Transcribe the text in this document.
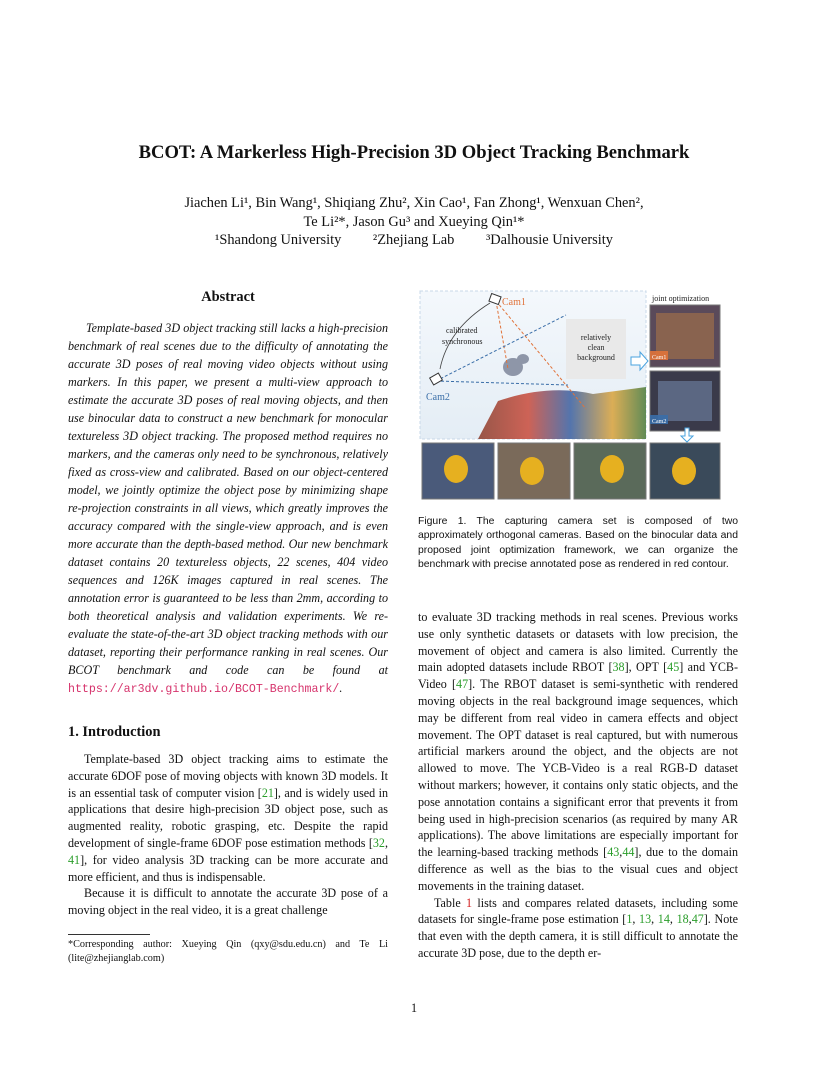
BCOT: A Markerless High-Precision 3D Object Tracking Benchmark
Jiachen Li¹, Bin Wang¹, Shiqiang Zhu², Xin Cao¹, Fan Zhong¹, Wenxuan Chen²,
Te Li²*, Jason Gu³ and Xueying Qin¹*
¹Shandong University ²Zhejiang Lab ³Dalhousie University
Abstract
Template-based 3D object tracking still lacks a high-precision benchmark of real scenes due to the difficulty of annotating the accurate 3D poses of real moving video objects without using markers. In this paper, we present a multi-view approach to estimate the accurate 3D poses of real moving objects, and then use binocular data to construct a new benchmark for monocular textureless 3D object tracking. The proposed method requires no markers, and the cameras only need to be synchronous, relatively fixed as cross-view and calibrated. Based on our object-centered model, we jointly optimize the object pose by minimizing shape re-projection constraints in all views, which greatly improves the accuracy compared with the single-view approach, and is even more accurate than the depth-based method. Our new benchmark dataset contains 20 textureless objects, 22 scenes, 404 video sequences and 126K images captured in real scenes. The annotation error is guaranteed to be less than 2mm, according to both theoretical analysis and validation experiments. We re-evaluate the state-of-the-art 3D object tracking methods with our dataset, reporting their performance ranking in real scenes. Our BCOT benchmark and code can be found at https://ar3dv.github.io/BCOT-Benchmark/.
1. Introduction

Template-based 3D object tracking aims to estimate the accurate 6DOF pose of moving objects with known 3D models. It is an essential task of computer vision [21], and is widely used in applications that desire high-precision 3D object pose, such as augmented reality, robotic grasping, etc. Despite the rapid development of single-frame 6DOF pose estimation methods [32, 41], for video analysis 3D tracking can be more accurate and more efficient, and thus is indispensable.

Because it is difficult to annotate the accurate 3D pose of a moving object in the real video, it is a great challenge

*Corresponding author: Xueying Qin (qxy@sdu.edu.cn) and Te Li (lite@zhejianglab.com)
Cam1
Cam2
calibrated
synchronous	relatively
clean
background
joint optimization
Cam1
Cam2
Figure 1. The capturing camera set is composed of two approximately orthogonal cameras. Based on the binocular data and proposed joint optimization framework, we can organize the benchmark with precise annotated pose as rendered in red contour.

to evaluate 3D tracking methods in real scenes. Previous works use only synthetic datasets or datasets with low precision, the movement of object and camera is also limited. Currently the main adopted datasets include RBOT [38], OPT [45] and YCB-Video [47]. The RBOT dataset is semi-synthetic with rendered moving objects in the real background image sequences, which may be different from real video in camera effects and object movement. The OPT dataset is real captured, but with numerous artificial markers around the object, and the objects are not allowed to move. The YCB-Video is a real RGB-D dataset without markers; however, it contains only static objects, and the pose annotation contains a significant error that prevents it from being used in high-precision scenarios (as required by many AR applications). The above limitations are especially important for the learning-based tracking methods [43,44], due to the domain difference as well as the bias to the visual cues and object movements in the training dataset.

Table 1 lists and compares related datasets, including some datasets for single-frame pose estimation [1, 13, 14, 18,47]. Note that even with the depth camera, it is still difficult to annotate the accurate 3D pose, due to the depth er-

1
